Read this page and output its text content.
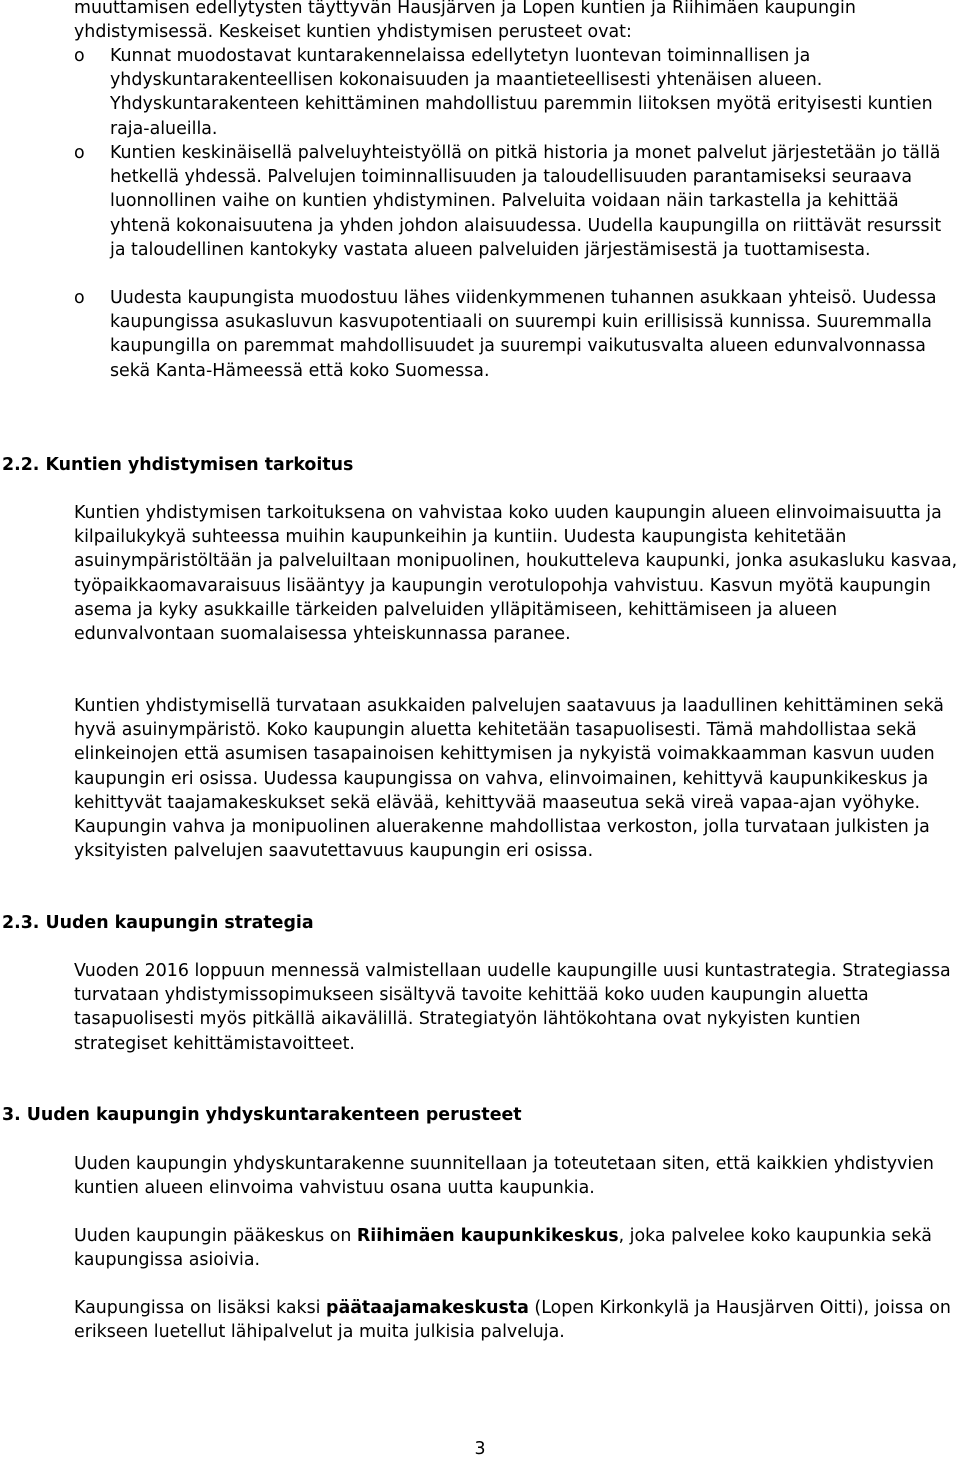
muuttamisen edellytysten täyttyvän Hausjärven ja Lopen kuntien ja Riihimäen kaupungin yhdistymisessä. Keskeiset kuntien yhdistymisen perusteet ovat:

o Kunnat muodostavat kuntarakennelaissa edellytetyn luontevan toiminnallisen ja yhdyskuntarakenteellisen kokonaisuuden ja maantieteellisesti yhtenäisen alueen. Yhdyskuntarakenteen kehittäminen mahdollistuu paremmin liitoksen myötä erityisesti kuntien raja-alueilla.

o Kuntien keskinäisellä palveluyhteistyöllä on pitkä historia ja monet palvelut järjestetään jo tällä hetkellä yhdessä. Palvelujen toiminnallisuuden ja taloudellisuuden parantamiseksi seuraava luonnollinen vaihe on kuntien yhdistyminen. Palveluita voidaan näin tarkastella ja kehittää yhtenä kokonaisuutena ja yhden johdon alaisuudessa. Uudella kaupungilla on riittävät resurssit ja taloudellinen kantokyky vastata alueen palveluiden järjestämisestä ja tuottamisesta.

o Uudesta kaupungista muodostuu lähes viidenkymmenen tuhannen asukkaan yhteisö. Uudessa kaupungissa asukasluvun kasvupotentiaali on suurempi kuin erillisissä kunnissa. Suuremmalla kaupungilla on paremmat mahdollisuudet ja suurempi vaikutusvalta alueen edunvalvonnassa sekä Kanta-Hämeessä että koko Suomessa.

2.2. Kuntien yhdistymisen tarkoitus

Kuntien yhdistymisen tarkoituksena on vahvistaa koko uuden kaupungin alueen elinvoimaisuutta ja kilpailukykyä suhteessa muihin kaupunkeihin ja kuntiin. Uudesta kaupungista kehitetään asuinympäristöltään ja palveluiltaan monipuolinen, houkutteleva kaupunki, jonka asukasluku kasvaa, työpaikkaomavaraisuus lisääntyy ja kaupungin verotulopohja vahvistuu. Kasvun myötä kaupungin asema ja kyky asukkaille tärkeiden palveluiden ylläpitämiseen, kehittämiseen ja alueen edunvalvontaan suomalaisessa yhteiskunnassa paranee.

Kuntien yhdistymisellä turvataan asukkaiden palvelujen saatavuus ja laadullinen kehittäminen sekä hyvä asuinympäristö. Koko kaupungin aluetta kehitetään tasapuolisesti. Tämä mahdollistaa sekä elinkeinojen että asumisen tasapainoisen kehittymisen ja nykyistä voimakkaamman kasvun uuden kaupungin eri osissa. Uudessa kaupungissa on vahva, elinvoimainen, kehittyvä kaupunkikeskus ja kehittyvät taajamakeskukset sekä elävää, kehittyvää maaseutua sekä vireä vapaa-ajan vyöhyke. Kaupungin vahva ja monipuolinen aluerakenne mahdollistaa verkoston, jolla turvataan julkisten ja yksityisten palvelujen saavutettavuus kaupungin eri osissa.

2.3. Uuden kaupungin strategia

Vuoden 2016 loppuun mennessä valmistellaan uudelle kaupungille uusi kuntastrategia. Strategiassa turvataan yhdistymissopimukseen sisältyvä tavoite kehittää koko uuden kaupungin aluetta tasapuolisesti myös pitkällä aikavälillä. Strategiatyön lähtökohtana ovat nykyisten kuntien strategiset kehittämistavoitteet.

3. Uuden kaupungin yhdyskuntarakenteen perusteet

Uuden kaupungin yhdyskuntarakenne suunnitellaan ja toteutetaan siten, että kaikkien yhdistyvien kuntien alueen elinvoima vahvistuu osana uutta kaupunkia.

Uuden kaupungin pääkeskus on Riihimäen kaupunkikeskus, joka palvelee koko kaupunkia sekä kaupungissa asioivia.

Kaupungissa on lisäksi kaksi päätaajamakeskusta (Lopen Kirkonkylä ja Hausjärven Oitti), joissa on erikseen luetellut lähipalvelut ja muita julkisia palveluja.

3
